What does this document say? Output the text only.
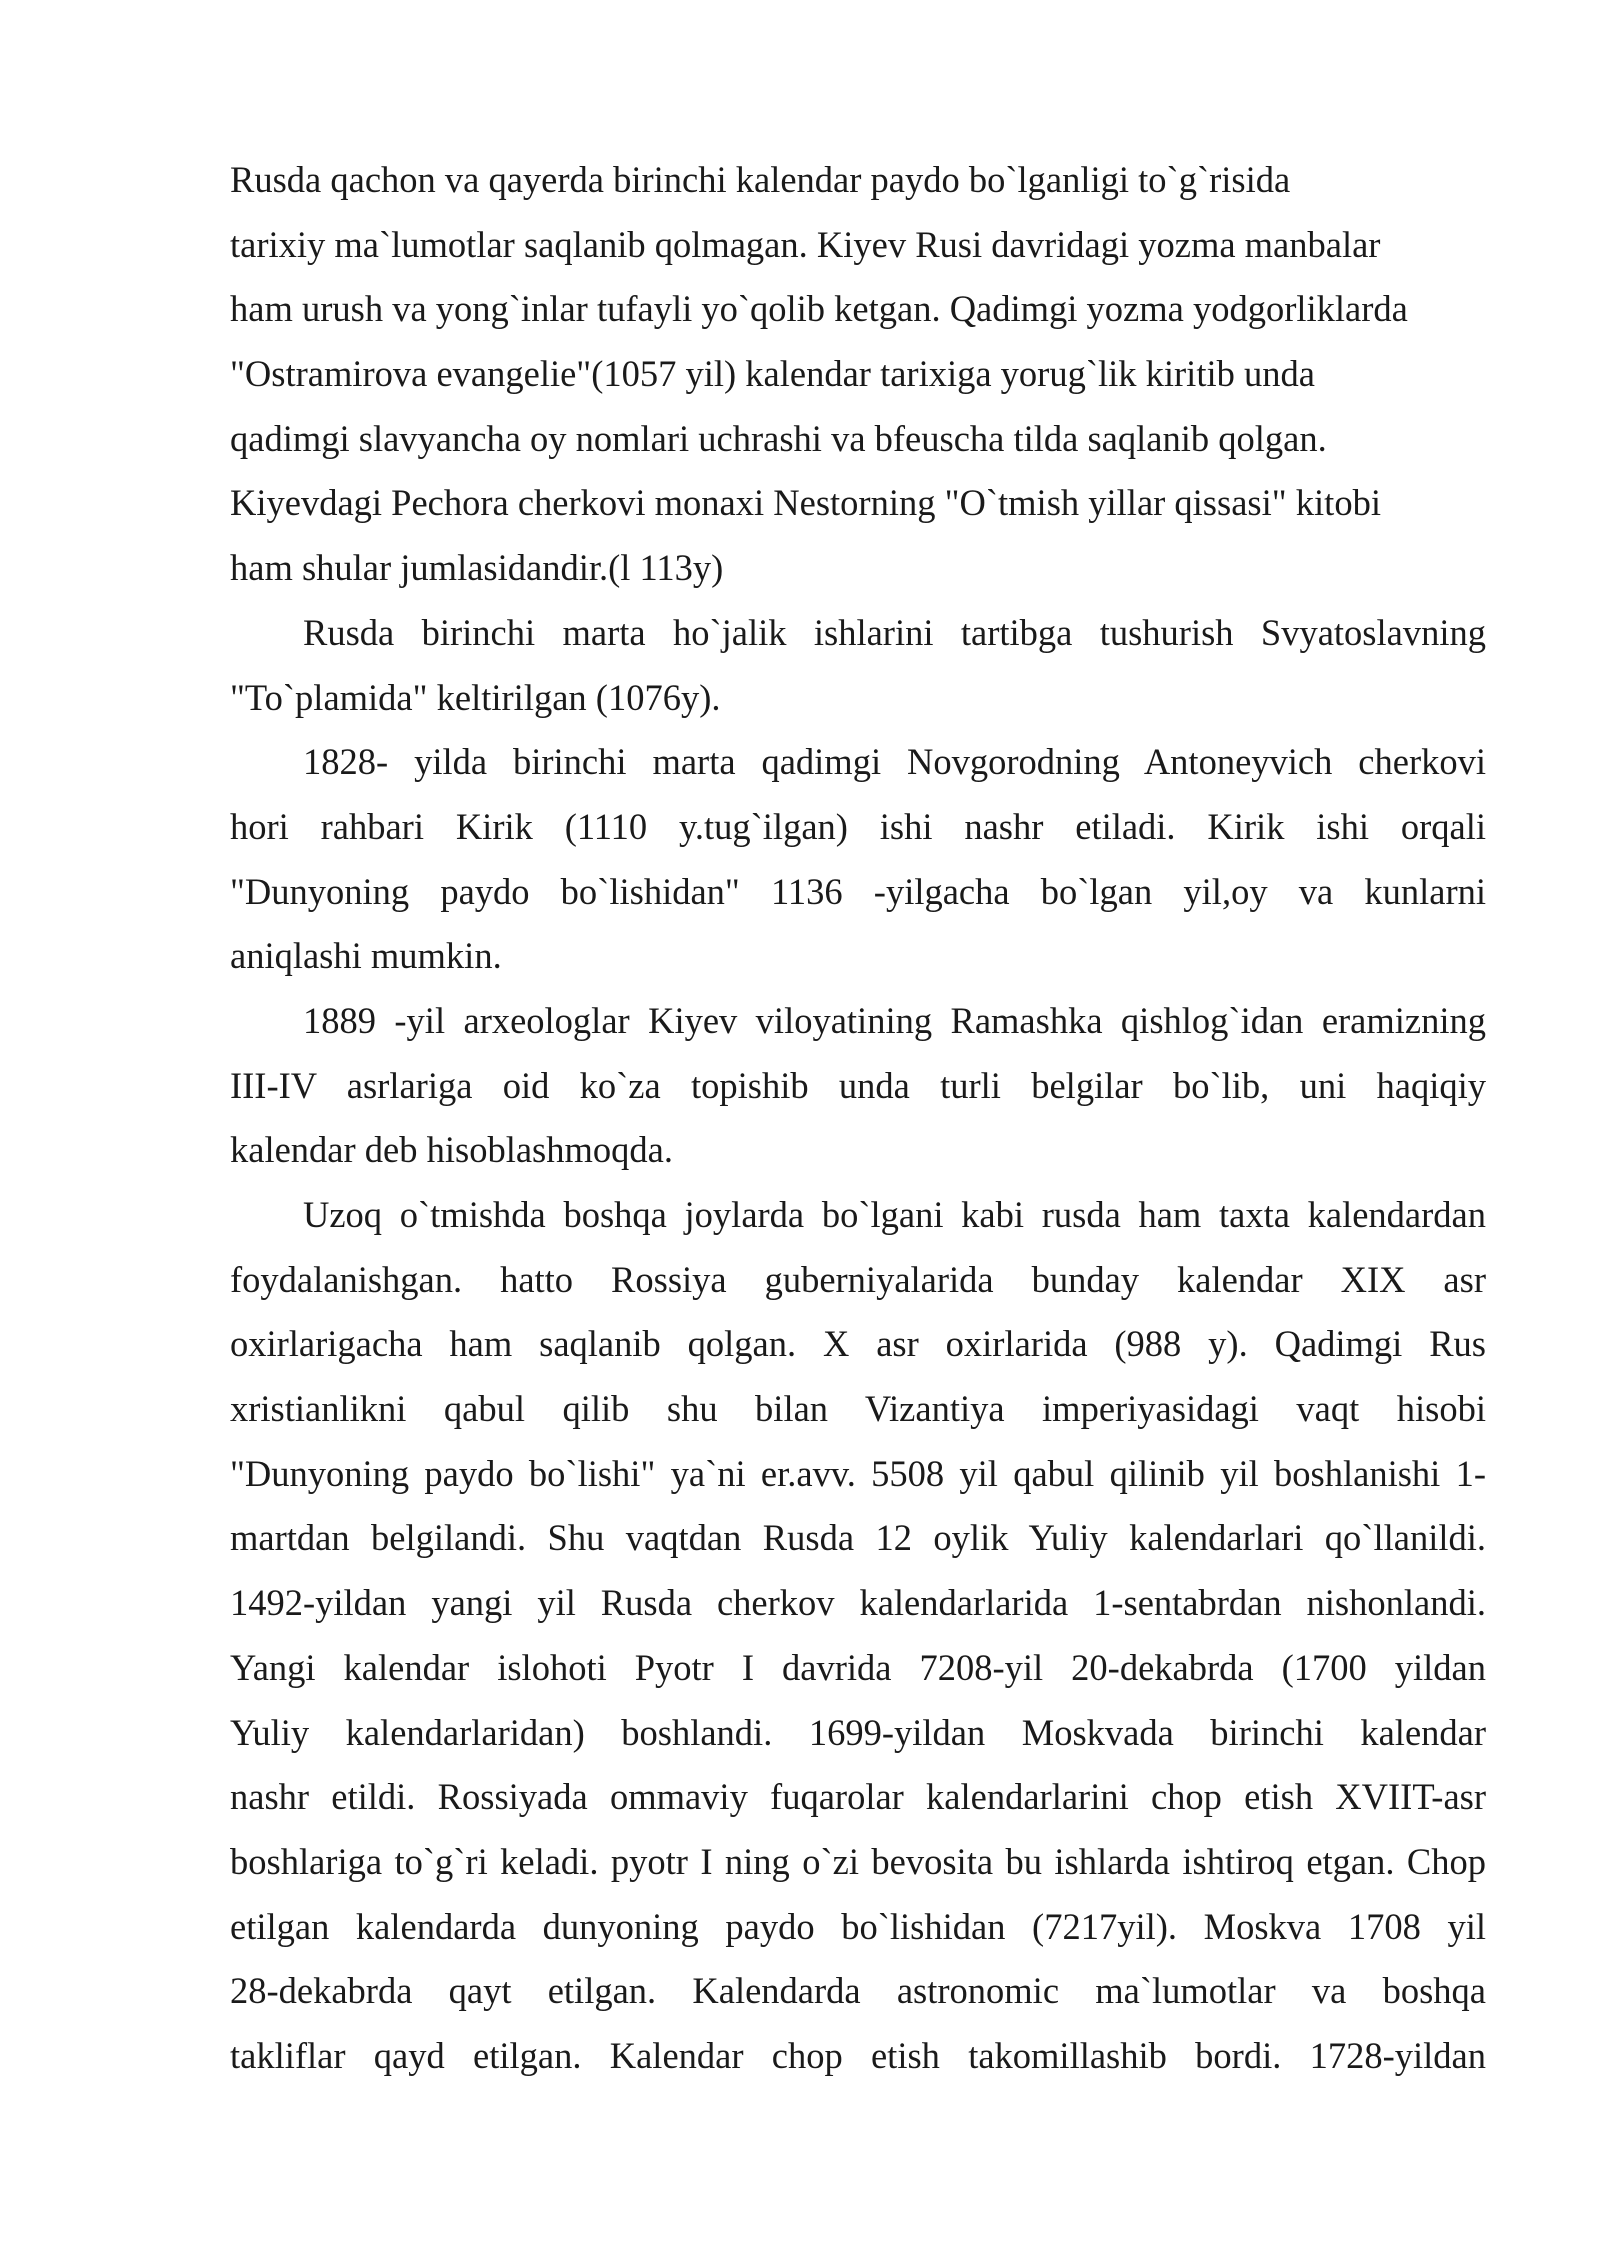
Rusda qachon va qayerda birinchi kalendar paydo bo`lganligi to`g`risida
tarixiy ma`lumotlar saqlanib qolmagan. Kiyev Rusi davridagi yozma manbalar
ham urush va yong`inlar tufayli yo`qolib ketgan. Qadimgi yozma yodgorliklarda
"Ostramirova evangelie"(1057 yil) kalendar tarixiga yorug`lik kiritib unda
qadimgi slavyancha oy nomlari uchrashi va bfeuscha tilda saqlanib qolgan.
Kiyevdagi Pechora cherkovi monaxi Nestorning "O`tmish yillar qissasi" kitobi
ham shular jumlasidandir.(l 113y)
Rusda birinchi marta ho`jalik ishlarini tartibga tushurish Svyatoslavning
"To`plamida" keltirilgan (1076y).
1828- yilda birinchi marta qadimgi Novgorodning Antoneyvich cherkovi
hori rahbari Kirik (1110 y.tug`ilgan) ishi nashr etiladi. Kirik ishi orqali
"Dunyoning paydo bo`lishidan" 1136 -yilgacha bo`lgan yil,oy va kunlarni
aniqlashi mumkin.
1889 -yil arxeologlar Kiyev viloyatining Ramashka qishlog`idan eramizning
III-IV asrlariga oid ko`za topishib unda turli belgilar bo`lib, uni haqiqiy
kalendar deb hisoblashmoqda.
Uzoq o`tmishda boshqa joylarda bo`lgani kabi rusda ham taxta kalendardan
foydalanishgan. hatto Rossiya guberniyalarida bunday kalendar XIX asr
oxirlarigacha ham saqlanib qolgan. X asr oxirlarida (988 y). Qadimgi Rus
xristianlikni qabul qilib shu bilan Vizantiya imperiyasidagi vaqt hisobi
"Dunyoning paydo bo`lishi" ya`ni er.avv. 5508 yil qabul qilinib yil boshlanishi 1-
martdan belgilandi. Shu vaqtdan Rusda 12 oylik Yuliy kalendarlari qo`llanildi.
1492-yildan yangi yil Rusda cherkov kalendarlarida 1-sentabrdan nishonlandi.
Yangi kalendar islohoti Pyotr I davrida 7208-yil 20-dekabrda (1700 yildan
Yuliy kalendarlaridan) boshlandi. 1699-yildan Moskvada birinchi kalendar
nashr etildi. Rossiyada ommaviy fuqarolar kalendarlarini chop etish XVIIT-asr
boshlariga to`g`ri keladi. pyotr I ning o`zi bevosita bu ishlarda ishtiroq etgan. Chop
etilgan kalendarda dunyoning paydo bo`lishidan (7217yil). Moskva 1708 yil
28-dekabrda qayt etilgan. Kalendarda astronomic ma`lumotlar va boshqa
takliflar qayd etilgan. Kalendar chop etish takomillashib bordi. 1728-yildan
